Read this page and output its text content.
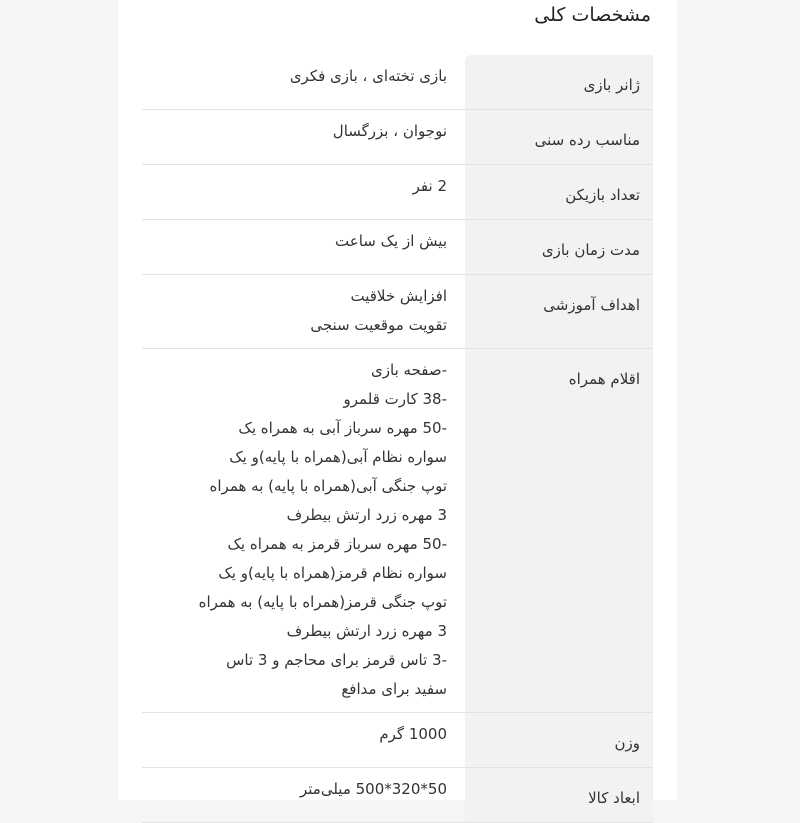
مشخصات کلی
ژانر بازی
بازی تخته‌ای ، بازی فکری
مناسب رده سنی
نوجوان ، بزرگسال
تعداد بازیکن
2 نفر
مدت زمان بازی
بیش از یک ساعت
اهداف آموزشی
افزایش خلاقیت
تقویت موقعیت سنجی
اقلام همراه
-صفحه بازی
-38 کارت قلمرو
-50 مهره سرباز آبی به همراه یک
سواره نظام آبی(همراه با پایه)و یک
توپ جنگی آبی(همراه با پایه) به همراه
3 مهره زرد ارتش بیطرف
-50 مهره سرباز قرمز به همراه یک
سواره نظام قرمز(همراه با پایه)و یک
توپ جنگی قرمز(همراه با پایه) به همراه
3 مهره زرد ارتش بیطرف
-3 تاس قرمز برای محاجم و 3 تاس
سفید برای مدافع
وزن
1000 گرم
ابعاد کالا
50*320*500 میلی‌متر
